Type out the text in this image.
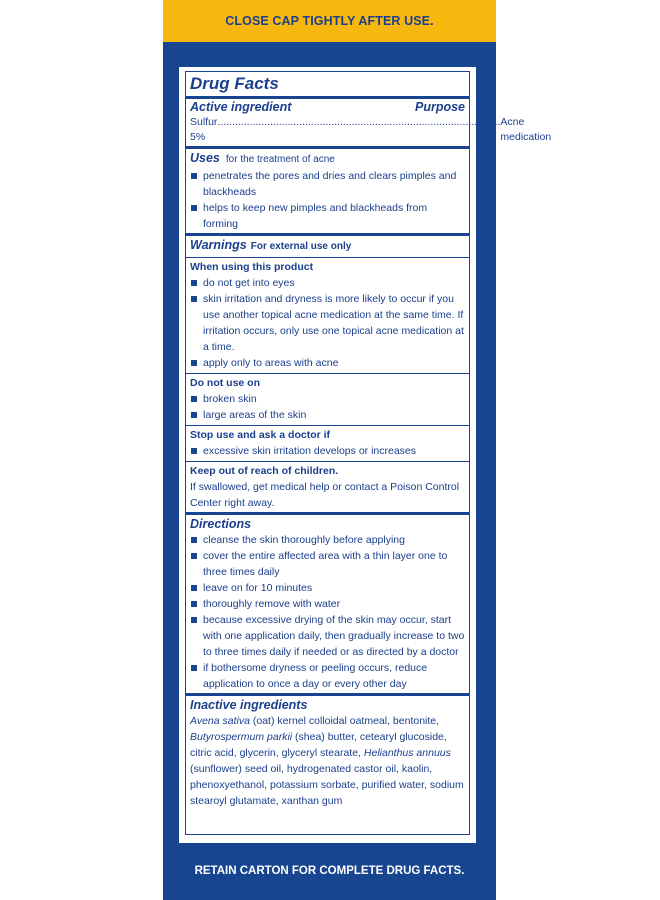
CLOSE CAP TIGHTLY AFTER USE.
Drug Facts
Active ingredient	Purpose
Sulfur 5%
................................................................................................. Acne medication
Uses for the treatment of acne
penetrates the pores and dries and clears pimples and blackheads
helps to keep new pimples and blackheads from forming
Warnings For external use only
When using this product
do not get into eyes
skin irritation and dryness is more likely to occur if you use another topical acne medication at the same time. If irritation occurs, only use one topical acne medication at a time.
apply only to areas with acne
Do not use on
broken skin
large areas of the skin
Stop use and ask a doctor if
excessive skin irritation develops or increases
Keep out of reach of children.
If swallowed, get medical help or contact a Poison Control Center right away.
Directions
cleanse the skin thoroughly before applying
cover the entire affected area with a thin layer one to three times daily
leave on for 10 minutes
thoroughly remove with water
because excessive drying of the skin may occur, start with one application daily, then gradually increase to two to three times daily if needed or as directed by a doctor
if bothersome dryness or peeling occurs, reduce application to once a day or every other day
Inactive ingredients
Avena sativa (oat) kernel colloidal oatmeal, bentonite, Butyrospermum parkii (shea) butter, cetearyl glucoside, citric acid, glycerin, glyceryl stearate, Helianthus annuus (sunflower) seed oil, hydrogenated castor oil, kaolin, phenoxyethanol, potassium sorbate, purified water, sodium stearoyl glutamate, xanthan gum
RETAIN CARTON FOR COMPLETE DRUG FACTS.
